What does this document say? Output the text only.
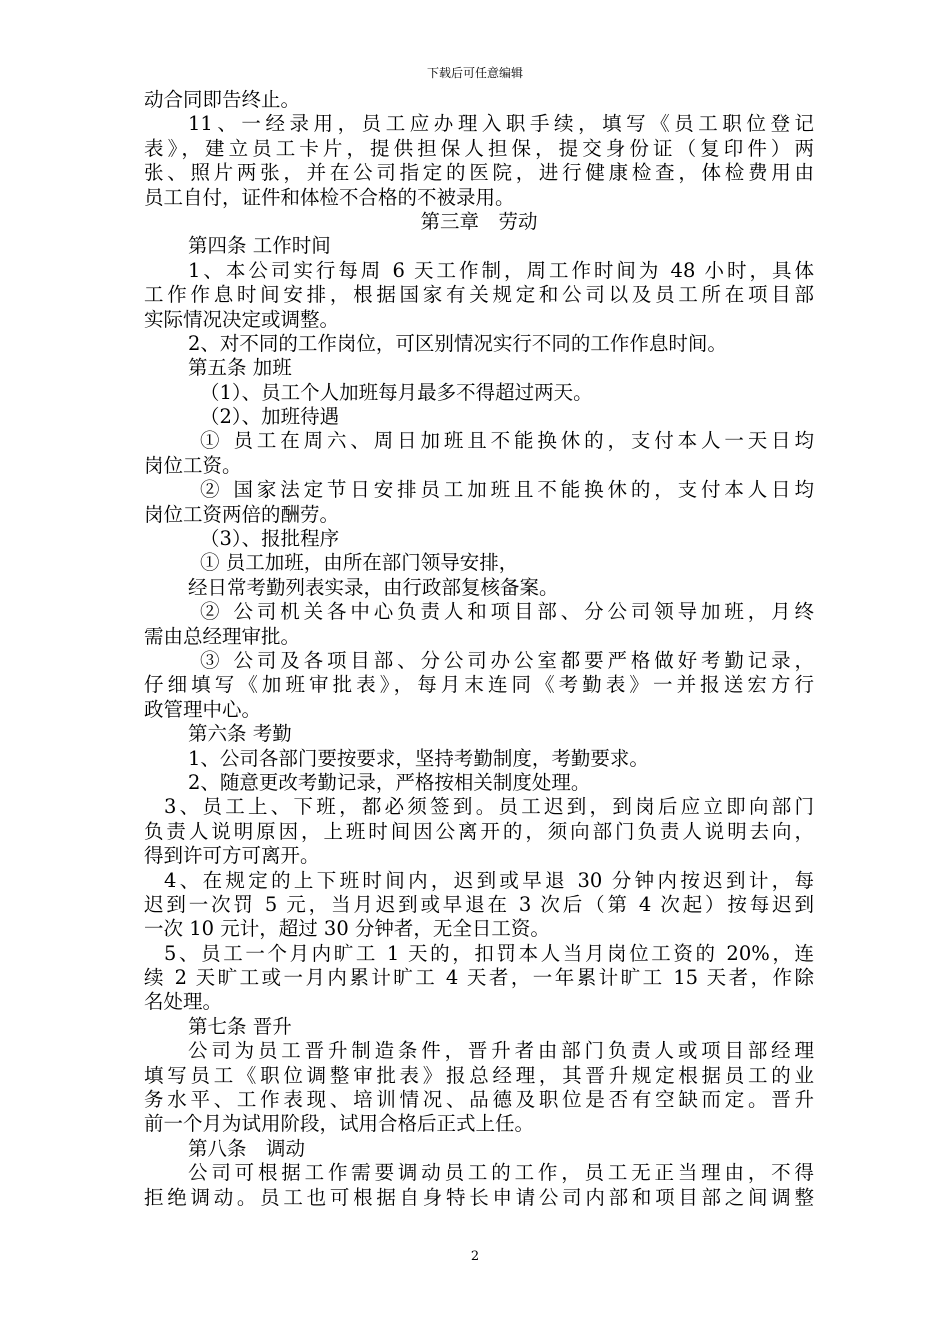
下载后可任意编辑
动合同即告终止。
11、一经录用，员工应办理入职手续，填写《员工职位登记
表》，建立员工卡片，提供担保人担保，提交身份证（复印件）两
张、照片两张，并在公司指定的医院，进行健康检查，体检费用由
员工自付，证件和体检不合格的不被录用。
第三章　劳动
第四条 工作时间
1、本公司实行每周 6 天工作制，周工作时间为 48 小时，具体
工作作息时间安排，根据国家有关规定和公司以及员工所在项目部
实际情况决定或调整。
2、对不同的工作岗位，可区别情况实行不同的工作作息时间。
第五条 加班
（1）、员工个人加班每月最多不得超过两天。
（2）、加班待遇
① 员工在周六、周日加班且不能换休的，支付本人一天日均
岗位工资。
② 国家法定节日安排员工加班且不能换休的，支付本人日均
岗位工资两倍的酬劳。
（3）、报批程序
① 员工加班，由所在部门领导安排，
经日常考勤列表实录，由行政部复核备案。
② 公司机关各中心负责人和项目部、分公司领导加班，月终
需由总经理审批。
③ 公司及各项目部、分公司办公室都要严格做好考勤记录，
仔细填写《加班审批表》，每月末连同《考勤表》一并报送宏方行
政管理中心。
第六条 考勤
1、公司各部门要按要求，坚持考勤制度，考勤要求。
2、随意更改考勤记录，严格按相关制度处理。
3、员工上、下班，都必须签到。员工迟到，到岗后应立即向部门
负责人说明原因，上班时间因公离开的，须向部门负责人说明去向，
得到许可方可离开。
4、在规定的上下班时间内，迟到或早退 30 分钟内按迟到计，每
迟到一次罚 5 元，当月迟到或早退在 3 次后（第 4 次起）按每迟到
一次 10 元计，超过 30 分钟者，无全日工资。
5、员工一个月内旷工 1 天的，扣罚本人当月岗位工资的 20%，连
续 2 天旷工或一月内累计旷工 4 天者，一年累计旷工 15 天者，作除
名处理。
第七条 晋升
公司为员工晋升制造条件，晋升者由部门负责人或项目部经理
填写员工《职位调整审批表》报总经理，其晋升规定根据员工的业
务水平、工作表现、培训情况、品德及职位是否有空缺而定。晋升
前一个月为试用阶段，试用合格后正式上任。
第八条　调动
公司可根据工作需要调动员工的工作，员工无正当理由，不得
拒绝调动。员工也可根据自身特长申请公司内部和项目部之间调整
2
